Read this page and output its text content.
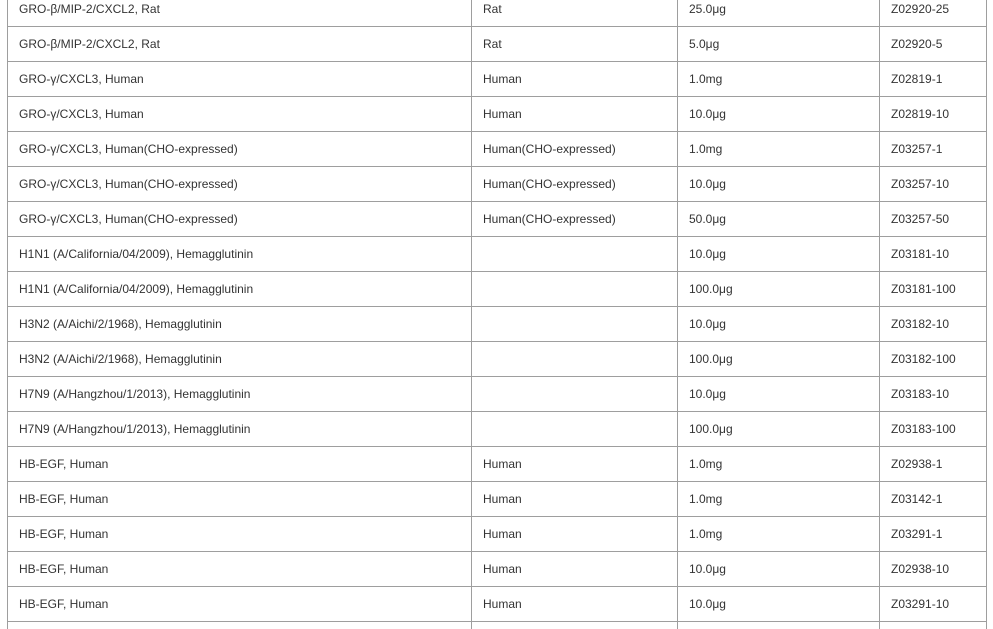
GRO-β/MIP-2/CXCL2, Rat	Rat	25.0μg	Z02920-25
GRO-β/MIP-2/CXCL2, Rat	Rat	5.0μg	Z02920-5
GRO-γ/CXCL3, Human	Human	1.0mg	Z02819-1
GRO-γ/CXCL3, Human	Human	10.0μg	Z02819-10
GRO-γ/CXCL3, Human(CHO-expressed)	Human(CHO-expressed)	1.0mg	Z03257-1
GRO-γ/CXCL3, Human(CHO-expressed)	Human(CHO-expressed)	10.0μg	Z03257-10
GRO-γ/CXCL3, Human(CHO-expressed)	Human(CHO-expressed)	50.0μg	Z03257-50
H1N1 (A/California/04/2009), Hemagglutinin		10.0μg	Z03181-10
H1N1 (A/California/04/2009), Hemagglutinin		100.0μg	Z03181-100
H3N2 (A/Aichi/2/1968), Hemagglutinin		10.0μg	Z03182-10
H3N2 (A/Aichi/2/1968), Hemagglutinin		100.0μg	Z03182-100
H7N9 (A/Hangzhou/1/2013), Hemagglutinin		10.0μg	Z03183-10
H7N9 (A/Hangzhou/1/2013), Hemagglutinin		100.0μg	Z03183-100
HB-EGF, Human	Human	1.0mg	Z02938-1
HB-EGF, Human	Human	1.0mg	Z03142-1
HB-EGF, Human	Human	1.0mg	Z03291-1
HB-EGF, Human	Human	10.0μg	Z02938-10
HB-EGF, Human	Human	10.0μg	Z03291-10
